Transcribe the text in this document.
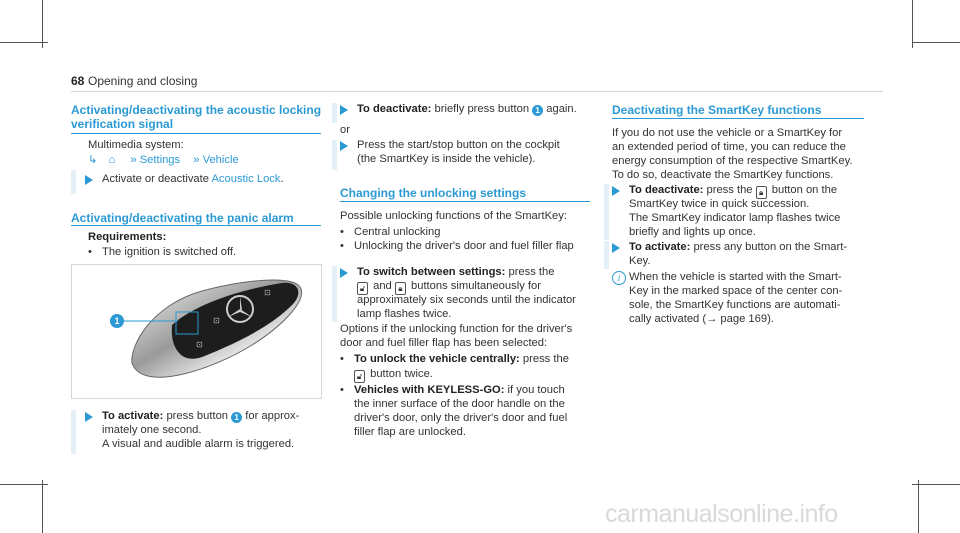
68 Opening and closing
Activating/deactivating the acoustic locking
verification signal
Multimedia system:
↳ ⌂ » Settings » Vehicle
Activate or deactivate Acoustic Lock.
Activating/deactivating the panic alarm
Requirements:
• The ignition is switched off.
⊡
⊡
⊡
1
To activate: press button 1 for approx-
imately one second.
A visual and audible alarm is triggered.
To deactivate: briefly press button 1 again.
or
Press the start/stop button on the cockpit
(the SmartKey is inside the vehicle).
Changing the unlocking settings
Possible unlocking functions of the SmartKey:
• Central unlocking
• Unlocking the driver's door and fuel filler flap
To switch between settings: press the
🔓︎ and 🔒︎ buttons simultaneously for
approximately six seconds until the indicator
lamp flashes twice.
Options if the unlocking function for the driver's
door and fuel filler flap has been selected:
• To unlock the vehicle centrally: press the
🔓︎ button twice.
• Vehicles with KEYLESS-GO: if you touch
the inner surface of the door handle on the
driver's door, only the driver's door and fuel
filler flap are unlocked.
Deactivating the SmartKey functions
If you do not use the vehicle or a SmartKey for
an extended period of time, you can reduce the
energy consumption of the respective SmartKey.
To do so, deactivate the SmartKey functions.
To deactivate: press the 🔒︎ button on the
SmartKey twice in quick succession.
The SmartKey indicator lamp flashes twice
briefly and lights up once.
To activate: press any button on the Smart-
Key.
i When the vehicle is started with the Smart-
Key in the marked space of the center con-
sole, the SmartKey functions are automati-
cally activated (→ page 169).
carmanualsonline.info
